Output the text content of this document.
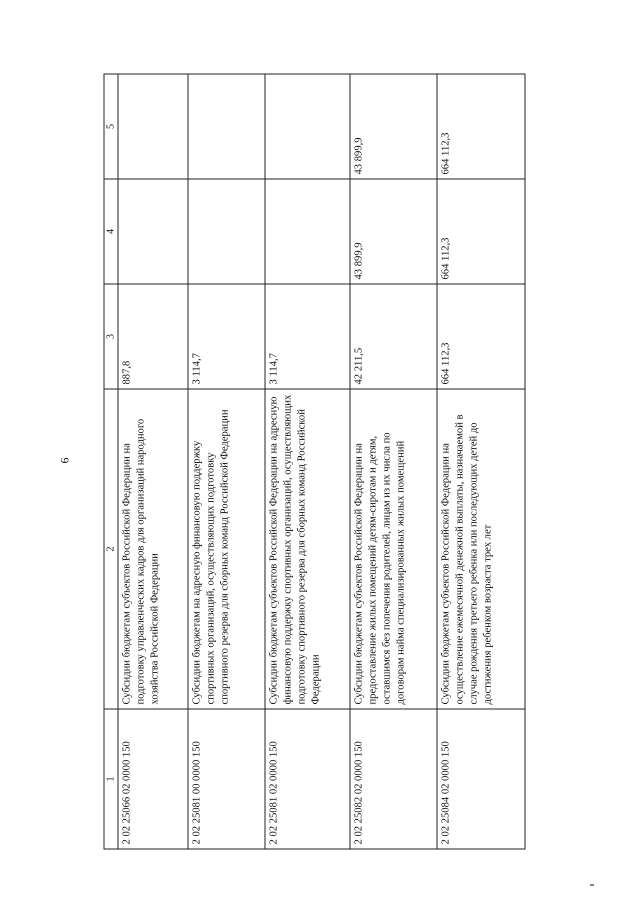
6
1	2	3	4	5
2 02 25066 02 0000 150	Субсидии бюджетам субъектов Российской Федерации на подготовку управленческих кадров для организаций народного хозяйства Российской Федерации	887,8		
2 02 25081 00 0000 150	Субсидии бюджетам на адресную финансовую поддержку спортивных организаций, осуществляющих подготовку спортивного резерва для сборных команд Российской Федерации	3 114,7		
2 02 25081 02 0000 150	Субсидии бюджетам субъектов Российской Федерации на адресную финансовую поддержку спортивных организаций, осуществляющих подготовку спортивного резерва для сборных команд Российской Федерации	3 114,7		
2 02 25082 02 0000 150	Субсидии бюджетам субъектов Российской Федерации на предоставление жилых помещений детям-сиротам и детям, оставшимся без попечения родителей, лицам из их числа по договорам найма специализированных жилых помещений	42 211,5	43 899,9	43 899,9
2 02 25084 02 0000 150	Субсидии бюджетам субъектов Российской Федерации на осуществление ежемесячной денежной выплаты, назначаемой в случае рождения третьего ребенка или последующих детей до достижения ребенком возраста трех лет	664 112,3	664 112,3	664 112,3
